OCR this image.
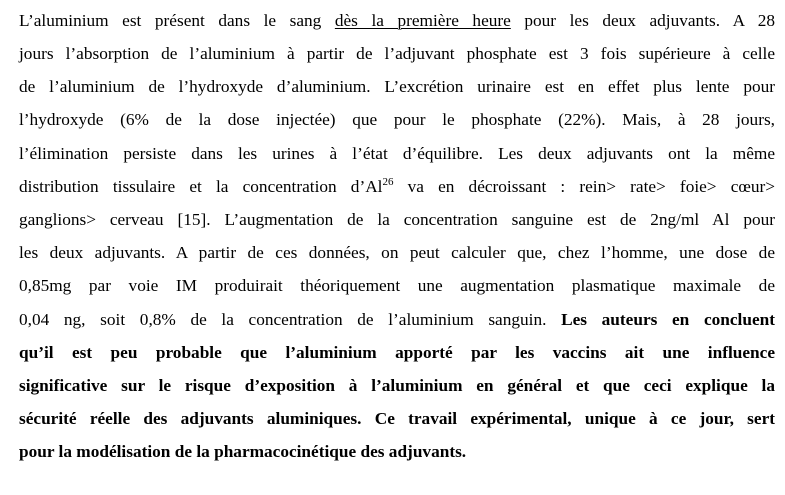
L’aluminium est présent dans le sang dès la première heure pour les deux adjuvants. A 28
jours l’absorption de l’aluminium à partir de l’adjuvant phosphate est 3 fois supérieure à celle
de l’aluminium de l’hydroxyde d’aluminium. L’excrétion urinaire est en effet plus lente pour
l’hydroxyde (6% de la dose injectée) que pour le phosphate (22%). Mais, à 28 jours,
l’élimination persiste dans les urines à l’état d’équilibre. Les deux adjuvants ont la même
distribution tissulaire et la concentration d’Al$^{26}$ va en décroissant : rein> rate> foie> cœur>
ganglions> cerveau [15]. L’augmentation de la concentration sanguine est de 2ng/ml Al pour
les deux adjuvants. A partir de ces données, on peut calculer que, chez l’homme, une dose de
0,85mg par voie IM produirait théoriquement une augmentation plasmatique maximale de
0,04 ng, soit 0,8% de la concentration de l’aluminium sanguin. Les auteurs en concluent
qu’il est peu probable que l’aluminium apporté par les vaccins ait une influence
significative sur le risque d’exposition à l’aluminium en général et que ceci explique la
sécurité réelle des adjuvants aluminiques. Ce travail expérimental, unique à ce jour, sert
pour la modélisation de la pharmacocinétique des adjuvants.
